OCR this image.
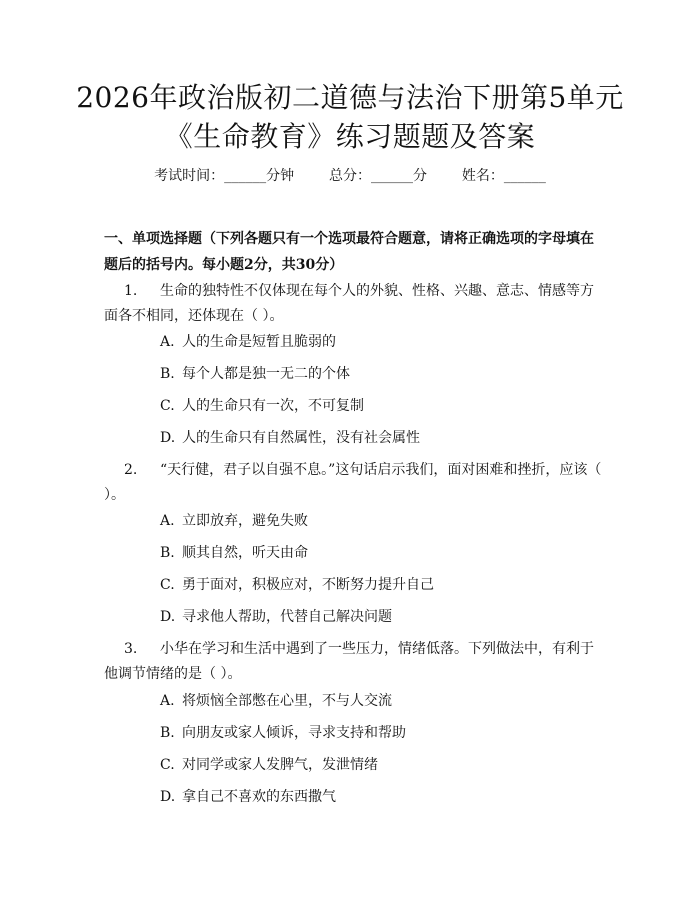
2026年政治版初二道德与法治下册第5单元
《生命教育》练习题题及答案
考试时间：______分钟 总分：______分 姓名：______
一、单项选择题（下列各题只有一个选项最符合题意，请将正确选项的字母填在题后的括号内。每小题2分，共30分）
1. 生命的独特性不仅体现在每个人的外貌、性格、兴趣、意志、情感等方面各不相同，还体现在（ ）。
A. 人的生命是短暂且脆弱的
B. 每个人都是独一无二的个体
C. 人的生命只有一次，不可复制
D. 人的生命只有自然属性，没有社会属性
2. “天行健，君子以自强不息。”这句话启示我们，面对困难和挫折，应该（ ）。
A. 立即放弃，避免失败
B. 顺其自然，听天由命
C. 勇于面对，积极应对，不断努力提升自己
D. 寻求他人帮助，代替自己解决问题
3. 小华在学习和生活中遇到了一些压力，情绪低落。下列做法中，有利于他调节情绪的是（ ）。
A. 将烦恼全部憋在心里，不与人交流
B. 向朋友或家人倾诉，寻求支持和帮助
C. 对同学或家人发脾气，发泄情绪
D. 拿自己不喜欢的东西撒气
